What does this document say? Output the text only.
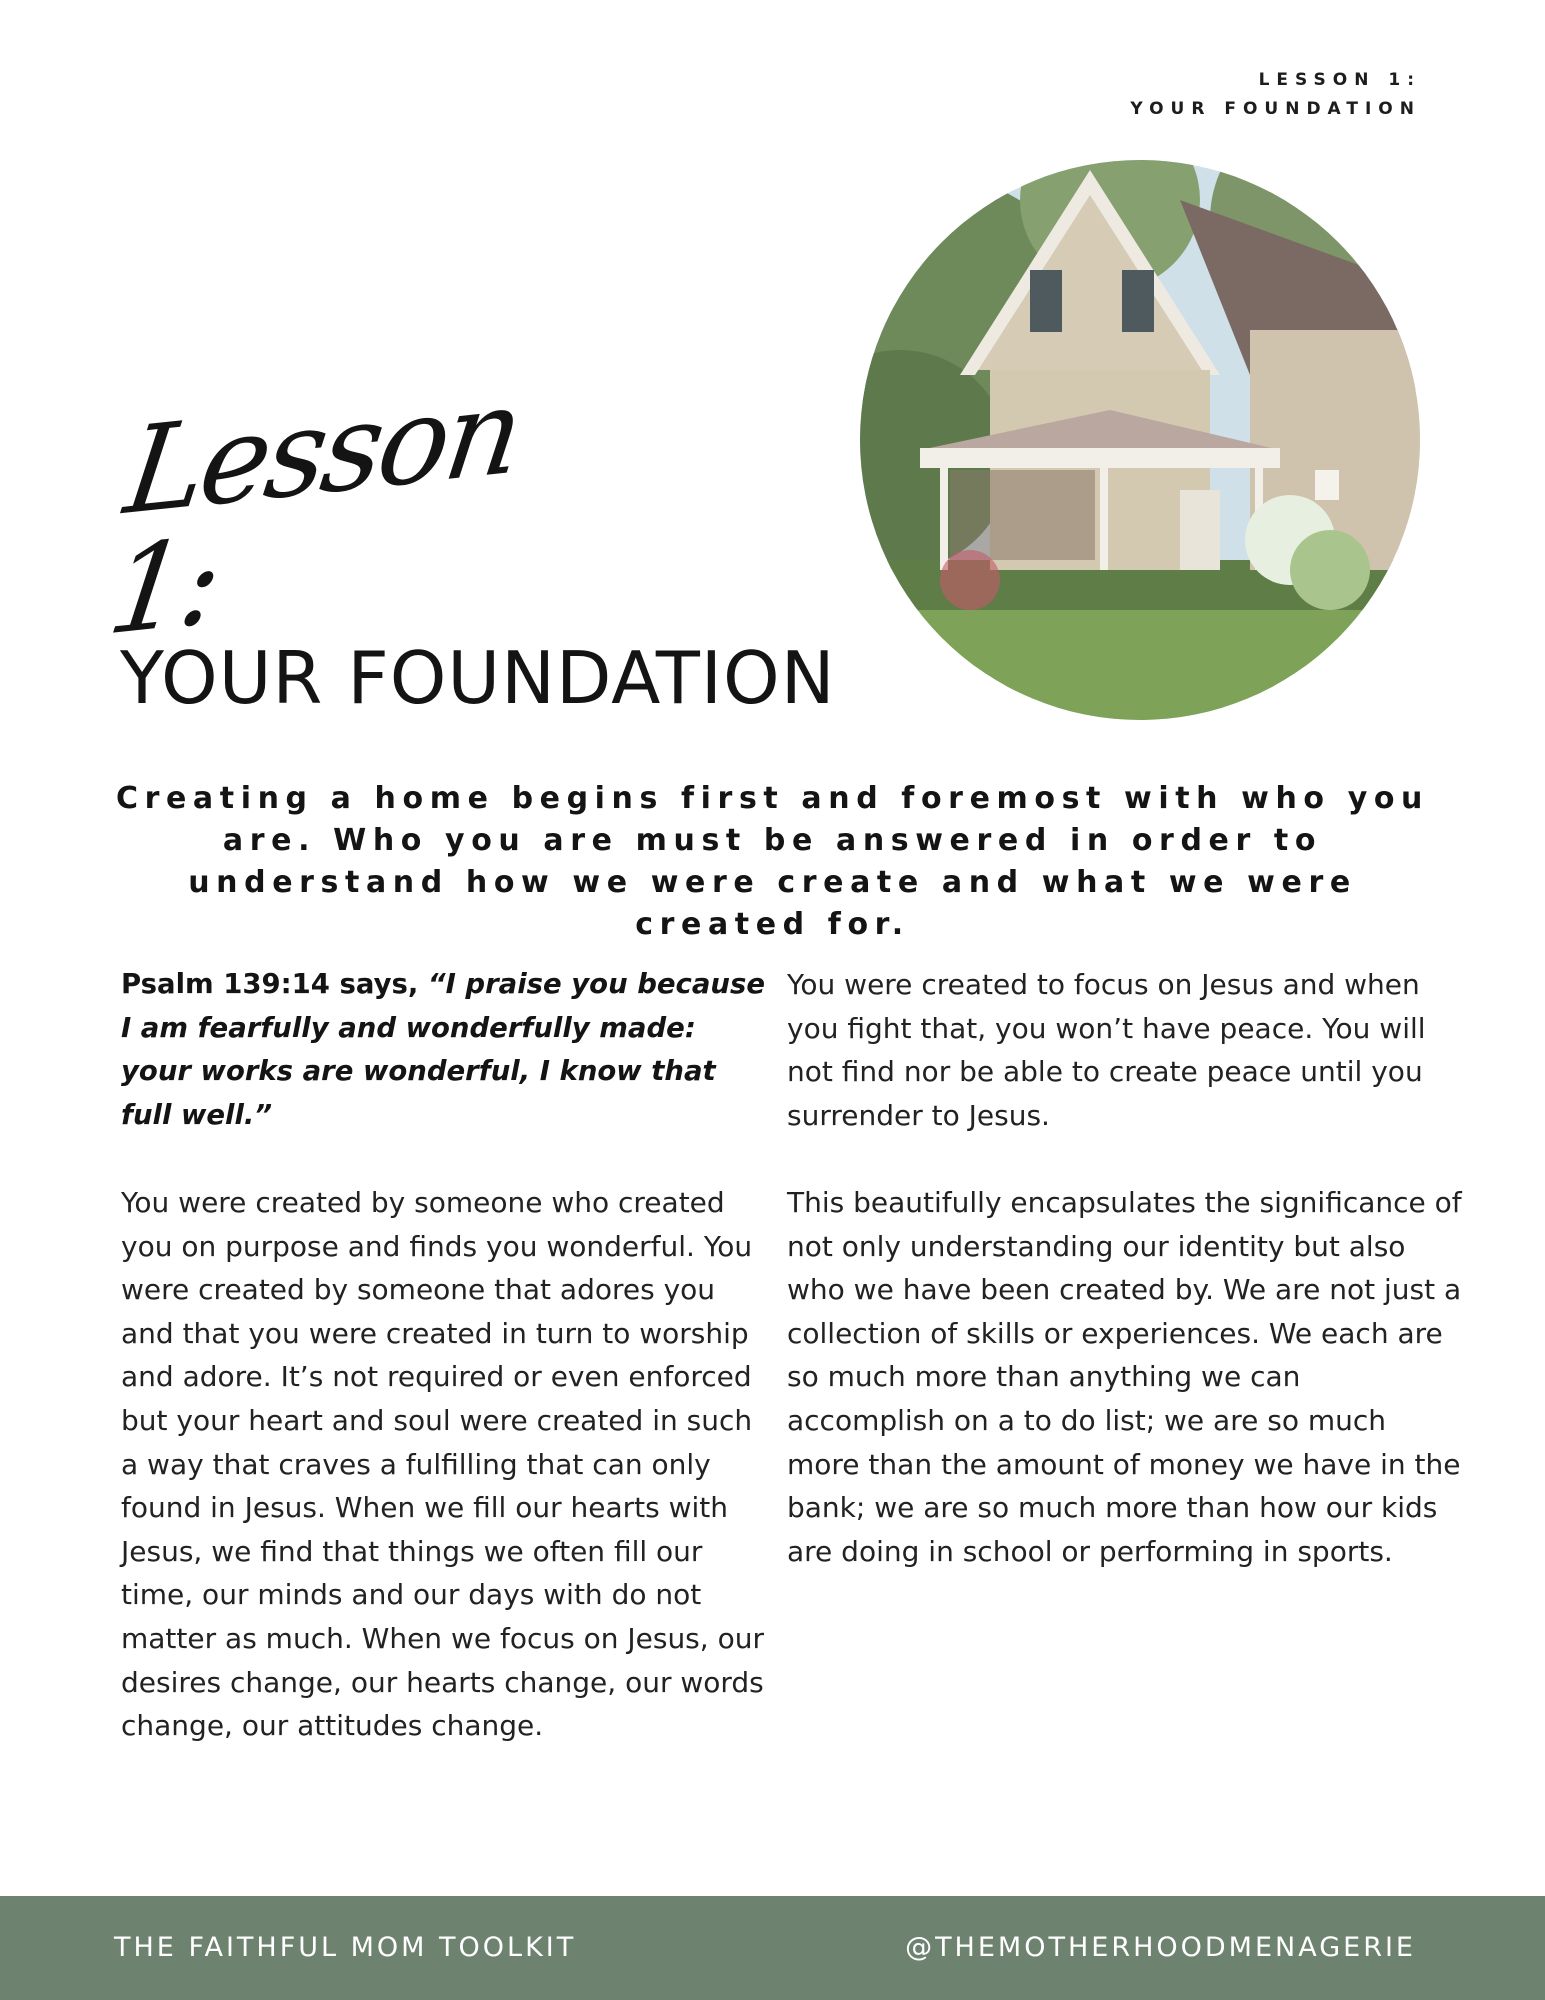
LESSON 1:
YOUR FOUNDATION
Lesson 1:
YOUR FOUNDATION
Creating a home begins first and foremost with who you are. Who you are must be answered in order to understand how we were create and what we were created for.

Psalm 139:14 says, “I praise you because I am fearfully and wonderfully made: your works are wonderful, I know that full well.”

You were created by someone who created you on purpose and finds you wonderful. You were created by someone that adores you and that you were created in turn to worship and adore. It’s not required or even enforced but your heart and soul were created in such a way that craves a fulfilling that can only found in Jesus. When we fill our hearts with Jesus, we find that things we often fill our time, our minds and our days with do not matter as much. When we focus on Jesus, our desires change, our hearts change, our words change, our attitudes change.

You were created to focus on Jesus and when you fight that, you won’t have peace. You will not find nor be able to create peace until you surrender to Jesus.

This beautifully encapsulates the significance of not only understanding our identity but also who we have been created by. We are not just a collection of skills or experiences. We each are so much more than anything we can accomplish on a to do list; we are so much more than the amount of money we have in the bank; we are so much more than how our kids are doing in school or performing in sports.

THE FAITHFUL MOM TOOLKIT	@THEMOTHERHOODMENAGERIE
